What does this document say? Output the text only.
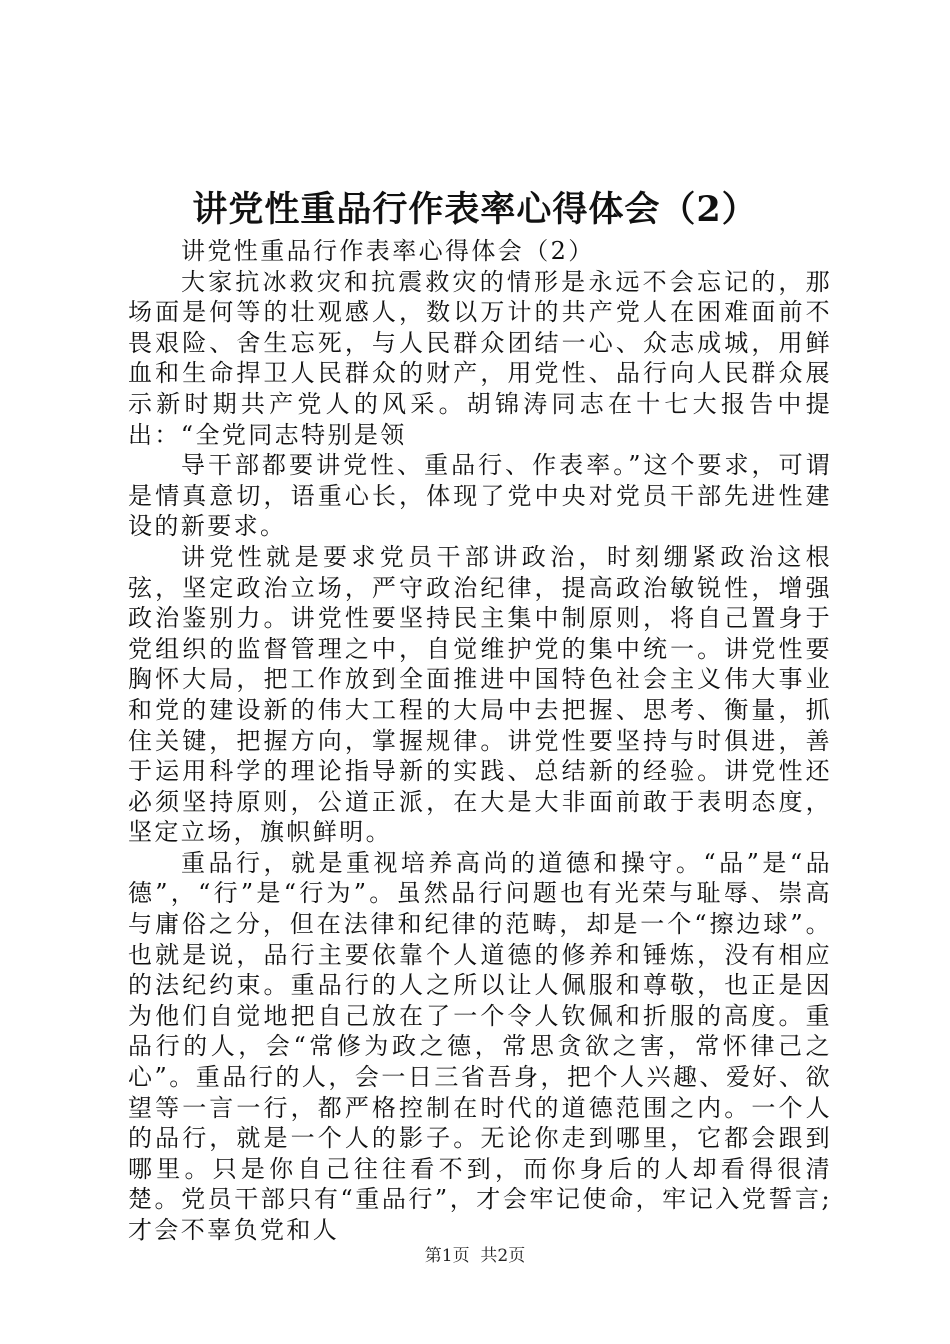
讲党性重品行作表率心得体会（2）

讲党性重品行作表率心得体会（2）

大家抗冰救灾和抗震救灾的情形是永远不会忘记的，那场面是何等的壮观感人，数以万计的共产党人在困难面前不畏艰险、舍生忘死，与人民群众团结一心、众志成城，用鲜血和生命捍卫人民群众的财产，用党性、品行向人民群众展示新时期共产党人的风采。胡锦涛同志在十七大报告中提出：“全党同志特别是领

导干部都要讲党性、重品行、作表率。”这个要求，可谓是情真意切，语重心长，体现了党中央对党员干部先进性建设的新要求。

讲党性就是要求党员干部讲政治，时刻绷紧政治这根弦，坚定政治立场，严守政治纪律，提高政治敏锐性，增强政治鉴别力。讲党性要坚持民主集中制原则，将自己置身于党组织的监督管理之中，自觉维护党的集中统一。讲党性要胸怀大局，把工作放到全面推进中国特色社会主义伟大事业和党的建设新的伟大工程的大局中去把握、思考、衡量，抓住关键，把握方向，掌握规律。讲党性要坚持与时俱进，善于运用科学的理论指导新的实践、总结新的经验。讲党性还必须坚持原则，公道正派，在大是大非面前敢于表明态度，坚定立场，旗帜鲜明。

重品行，就是重视培养高尚的道德和操守。“品”是“品德”，“行”是“行为”。虽然品行问题也有光荣与耻辱、崇高与庸俗之分，但在法律和纪律的范畴，却是一个“擦边球”。也就是说，品行主要依靠个人道德的修养和锤炼，没有相应的法纪约束。重品行的人之所以让人佩服和尊敬，也正是因为他们自觉地把自己放在了一个令人钦佩和折服的高度。重品行的人，会“常修为政之德，常思贪欲之害，常怀律己之心”。重品行的人，会一日三省吾身，把个人兴趣、爱好、欲望等一言一行，都严格控制在时代的道德范围之内。一个人的品行，就是一个人的影子。无论你走到哪里，它都会跟到哪里。只是你自己往往看不到，而你身后的人却看得很清楚。党员干部只有“重品行”，才会牢记使命，牢记入党誓言;才会不辜负党和人

第1页 共2页
